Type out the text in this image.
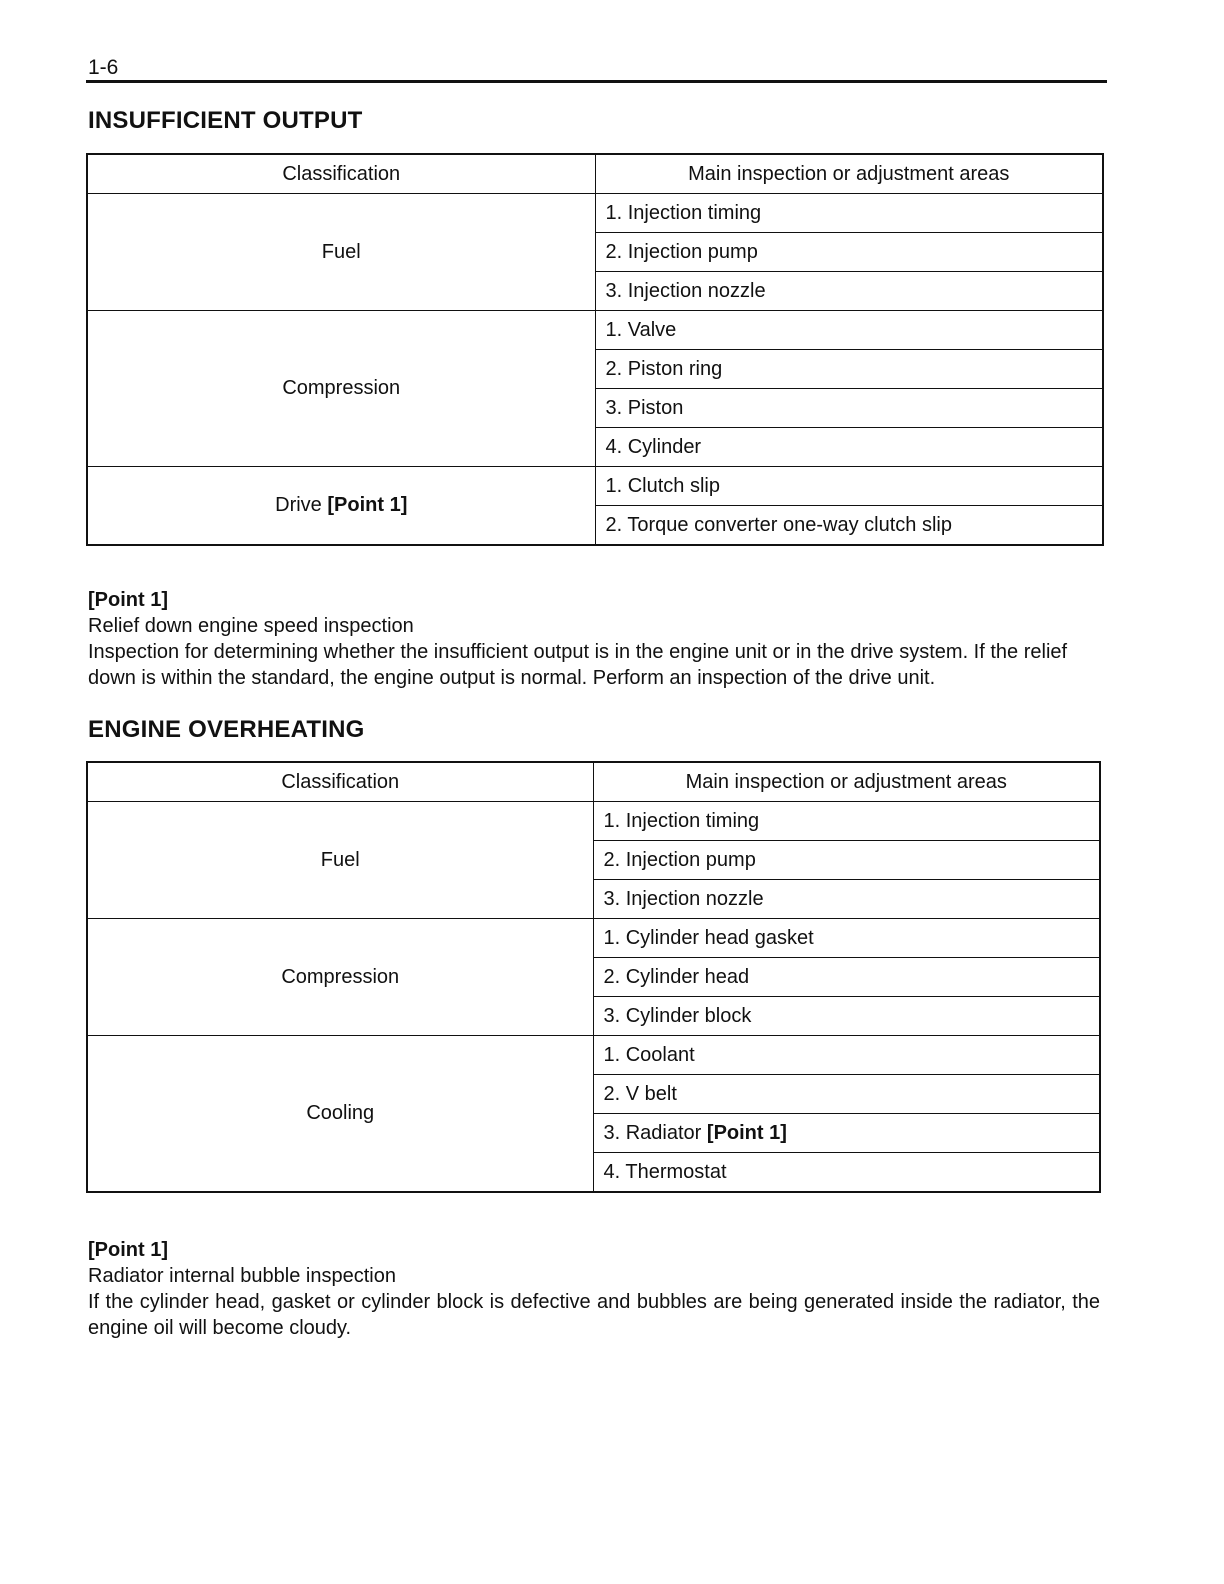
1-6
INSUFFICIENT OUTPUT
Classification	Main inspection or adjustment areas
Fuel	1. Injection timing
	2. Injection pump
	3. Injection nozzle
Compression	1. Valve
	2. Piston ring
	3. Piston
	4. Cylinder
Drive [Point 1]	1. Clutch slip
	2. Torque converter one-way clutch slip
[Point 1]
Relief down engine speed inspection
Inspection for determining whether the insufficient output is in the engine unit or in the drive system. If the relief down is within the standard, the engine output is normal. Perform an inspection of the drive unit.
ENGINE OVERHEATING
Classification	Main inspection or adjustment areas
Fuel	1. Injection timing
	2. Injection pump
	3. Injection nozzle
Compression	1. Cylinder head gasket
	2. Cylinder head
	3. Cylinder block
Cooling	1. Coolant
	2. V belt
	3. Radiator [Point 1]
	4. Thermostat
[Point 1]
Radiator internal bubble inspection
If the cylinder head, gasket or cylinder block is defective and bubbles are being generated inside the radiator, the engine oil will become cloudy.
